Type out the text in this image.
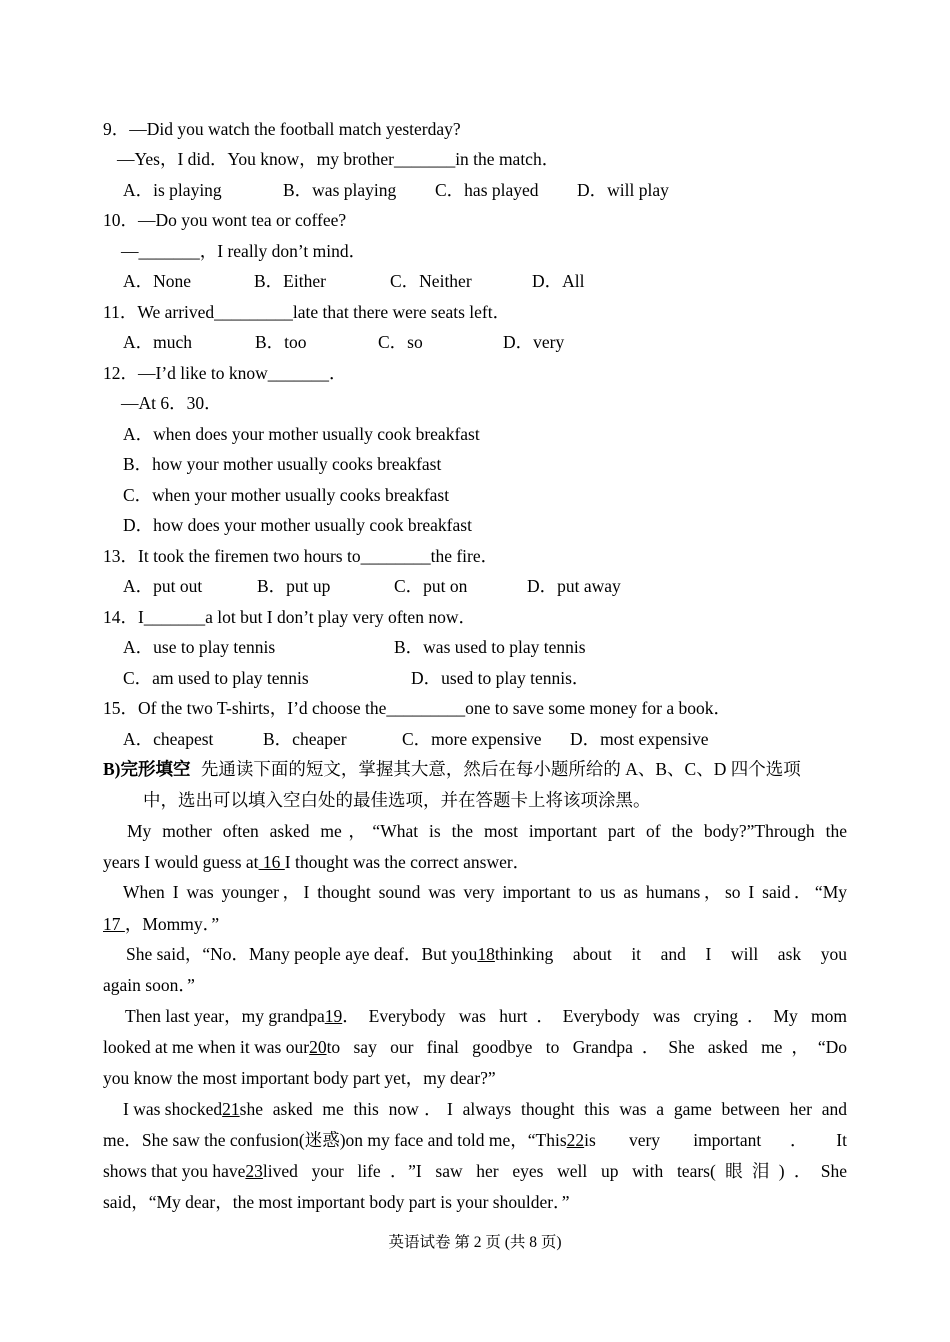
9．—Did you watch the football match yesterday?
—Yes，I did．You know，my brother_______in the match．
A．is playing	B．was playing C．has played D．will play
10．—Do you wont tea or coffee?
—_______，I really don’t mind．
A．None	B．Either	C．Neither	D．All
11．We arrived_________late that there were seats left．
A．much	B．too	C．so	D．very
12．—I’d like to know_______．
—At 6．30．
A．when does your mother usually cook breakfast
B．how your mother usually cooks breakfast
C．when your mother usually cooks breakfast
D．how does your mother usually cook breakfast
13．It took the firemen two hours to________the fire．
A．put out	B．put up	C．put on	D．put away
14．I_______a lot but I don’t play very often now．
A．use to play tennis	B．was used to play tennis
C．am used to play tennis	D．used to play tennis．
15．Of the two T-shirts，I’d choose the_________one to save some money for a book．
A．cheapest	B．cheaper	C．more expensive D．most expensive
B)完形填空 先通读下面的短文，掌握其大意，然后在每小题所给的 A、B、C、D 四个选项
中，选出可以填入空白处的最佳选项，并在答题卡上将该项涂黑。
My mother often asked me，“What is the most important part of the body?”Through the
years I would guess at 16 I thought was the correct answer．
When I was younger，I thought sound was very important to us as humans，so I said．“My
17 ，Mommy．”
She said，“No．Many people aye deaf．But you 18 thinking about it and I will ask you
again soon．”
Then last year，my grandpa 19 ．Everybody was hurt．Everybody was crying．My mom
looked at me when it was our 20 to say our final goodbye to Grandpa．She asked me，“Do
you know the most important body part yet，my dear?”
I was shocked 21 she asked me this now．I always thought this was a game between her and
me．She saw the confusion(迷惑)on my face and told me，“This 22 is very important．It
shows that you have 23 lived your life．”I saw her eyes well up with tears(眼泪)．She
said，“My dear，the most important body part is your shoulder．”
英语试卷 第 2 页 (共 8 页)
